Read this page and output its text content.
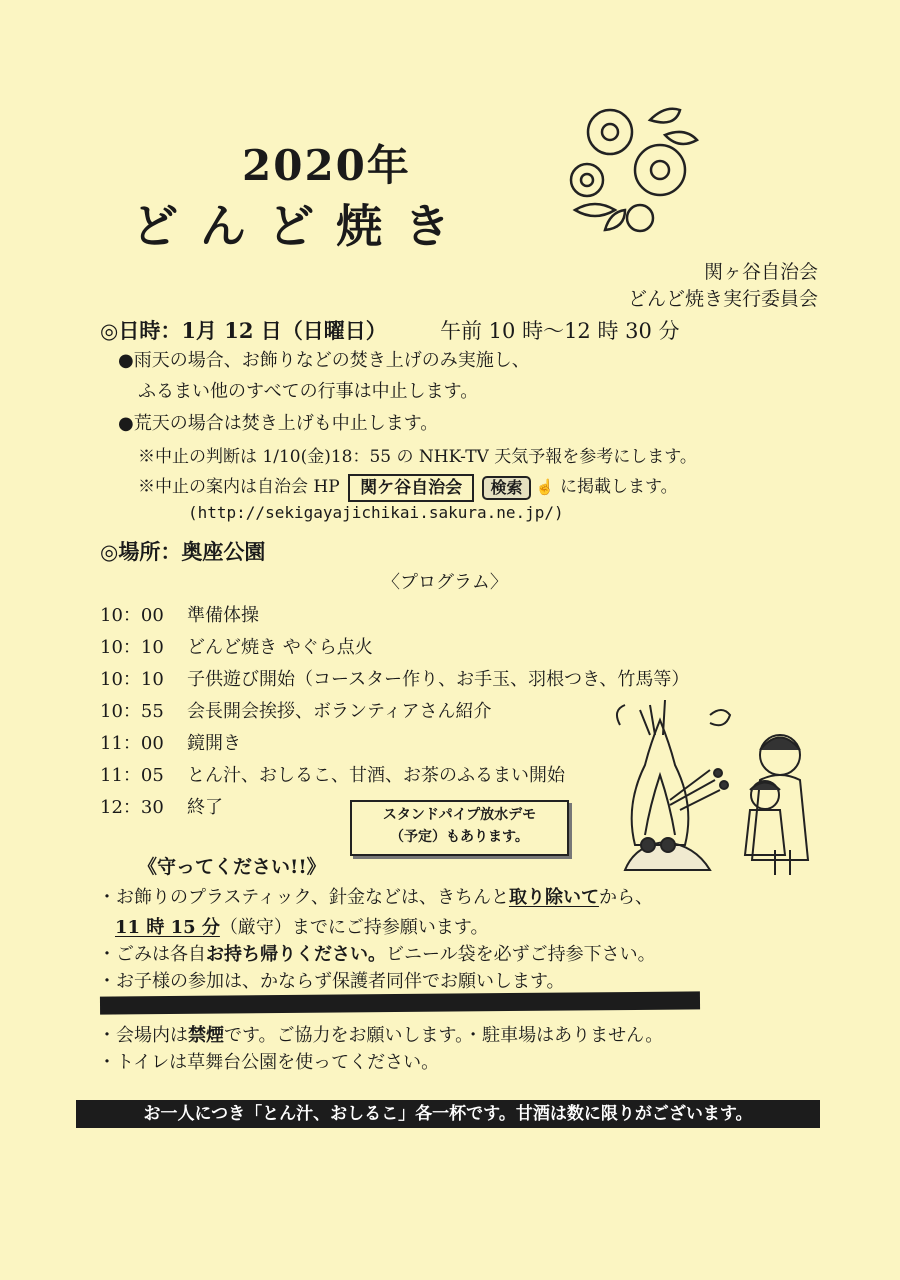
2020年
どんど焼き
関ヶ谷自治会
どんど焼き実行委員会
◎日時：1月 12 日（日曜日）	午前 10 時～12 時 30 分
●雨天の場合、お飾りなどの焚き上げのみ実施し、
ふるまい他のすべての行事は中止します。
●荒天の場合は焚き上げも中止します。
※中止の判断は 1/10(金)18：55 の NHK-TV 天気予報を参考にします。
※中止の案内は自治会 HP 関ケ谷自治会 検索 ☝ に掲載します。
(http://sekigayajichikai.sakura.ne.jp/)
◎場所：奥座公園
〈プログラム〉
10：00 準備体操
10：10 どんど焼き やぐら点火
10：10 子供遊び開始（コースター作り、お手玉、羽根つき、竹馬等）
10：55 会長開会挨拶、ボランティアさん紹介
11：00 鏡開き
11：05 とん汁、おしるこ、甘酒、お茶のふるまい開始
12：30 終了	スタンドパイプ放水デモ
（予定）もあります。
《守ってください!!》
・お飾りのプラスティック、針金などは、きちんと取り除いてから、
11 時 15 分（厳守）までにご持参願います。
・ごみは各自お持ち帰りください。ビニール袋を必ずご持参下さい。
・お子様の参加は、かならず保護者同伴でお願いします。
・会場内は禁煙です。ご協力をお願いします。・駐車場はありません。
・トイレは草舞台公園を使ってください。
お一人につき「とん汁、おしるこ」各一杯です。甘酒は数に限りがございます。
